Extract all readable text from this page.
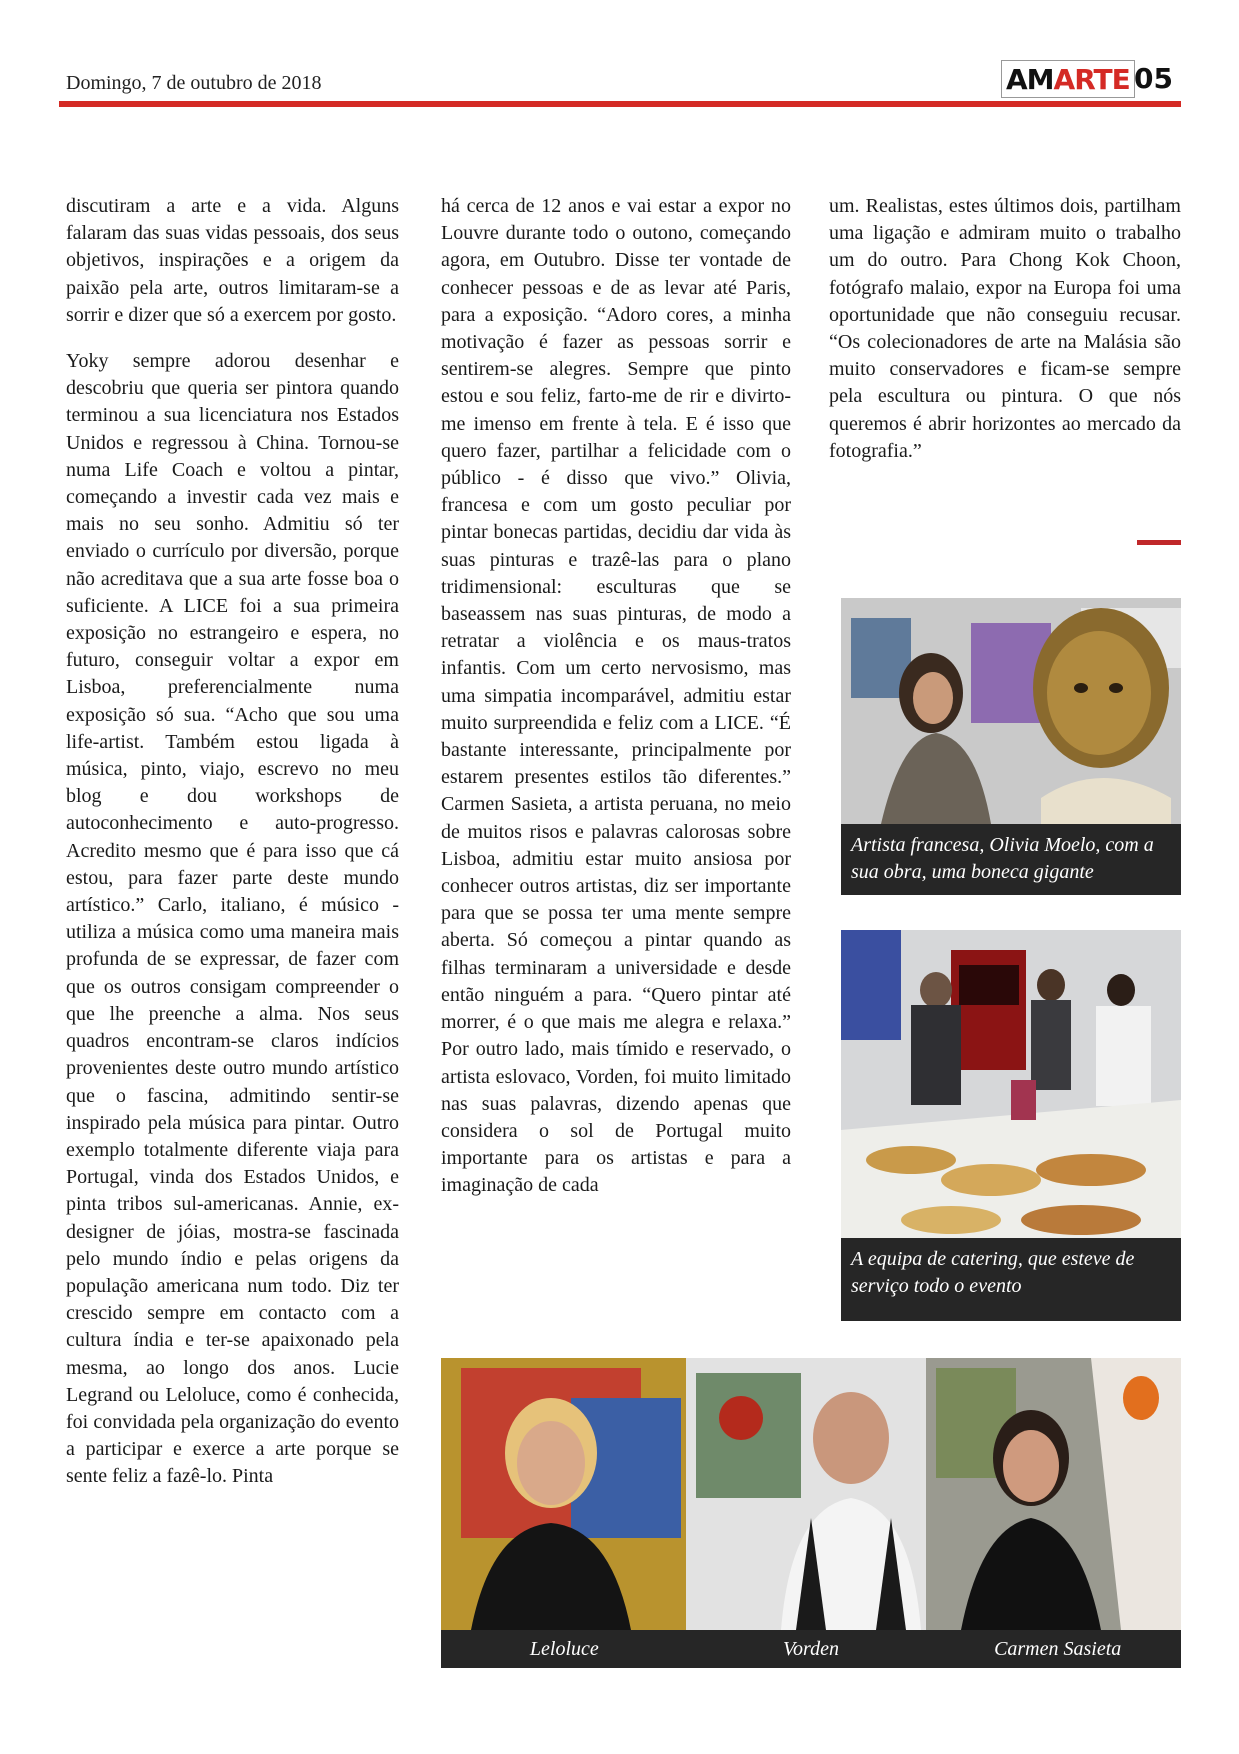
Domingo, 7 de outubro de 2018	AM ARTE 05

discutiram a arte e a vida. Alguns falaram das suas vidas pessoais, dos seus objetivos, inspirações e a origem da paixão pela arte, outros limitaram-se a sorrir e dizer que só a exercem por gosto.

Yoky sempre adorou desenhar e descobriu que queria ser pintora quando terminou a sua licenciatura nos Estados Unidos e regressou à China. Tornou-se numa Life Coach e voltou a pintar, começando a investir cada vez mais e mais no seu sonho. Admitiu só ter enviado o currículo por diversão, porque não acreditava que a sua arte fosse boa o suficiente. A LICE foi a sua primeira exposição no estrangeiro e espera, no futuro, conseguir voltar a expor em Lisboa, preferencialmente numa exposição só sua. “Acho que sou uma life-artist. Também estou ligada à música, pinto, viajo, escrevo no meu blog e dou workshops de autoconhecimento e auto-progresso. Acredito mesmo que é para isso que cá estou, para fazer parte deste mundo artístico.” Carlo, italiano, é músico - utiliza a música como uma maneira mais profunda de se expressar, de fazer com que os outros consigam compreender o que lhe preenche a alma. Nos seus quadros encontram-se claros indícios provenientes deste outro mundo artístico que o fascina, admitindo sentir-se inspirado pela música para pintar. Outro exemplo totalmente diferente viaja para Portugal, vinda dos Estados Unidos, e pinta tribos sul-americanas. Annie, ex-designer de jóias, mostra-se fascinada pelo mundo índio e pelas origens da população americana num todo. Diz ter crescido sempre em contacto com a cultura índia e ter-se apaixonado pela mesma, ao longo dos anos. Lucie Legrand ou Leloluce, como é conhecida, foi convidada pela organização do evento a participar e exerce a arte porque se sente feliz a fazê-lo. Pinta

há cerca de 12 anos e vai estar a expor no Louvre durante todo o outono, começando agora, em Outubro. Disse ter vontade de conhecer pessoas e de as levar até Paris, para a exposição. “Adoro cores, a minha motivação é fazer as pessoas sorrir e sentirem-se alegres. Sempre que pinto estou e sou feliz, farto-me de rir e divirto-me imenso em frente à tela. E é isso que quero fazer, partilhar a felicidade com o público - é disso que vivo.” Olivia, francesa e com um gosto peculiar por pintar bonecas partidas, decidiu dar vida às suas pinturas e trazê-las para o plano tridimensional: esculturas que se baseassem nas suas pinturas, de modo a retratar a violência e os maus-tratos infantis. Com um certo nervosismo, mas uma simpatia incomparável, admitiu estar muito surpreendida e feliz com a LICE. “É bastante interessante, principalmente por estarem presentes estilos tão diferentes.” Carmen Sasieta, a artista peruana, no meio de muitos risos e palavras calorosas sobre Lisboa, admitiu estar muito ansiosa por conhecer outros artistas, diz ser importante para que se possa ter uma mente sempre aberta. Só começou a pintar quando as filhas terminaram a universidade e desde então ninguém a para. “Quero pintar até morrer, é o que mais me alegra e relaxa.” Por outro lado, mais tímido e reservado, o artista eslovaco, Vorden, foi muito limitado nas suas palavras, dizendo apenas que considera o sol de Portugal muito importante para os artistas e para a imaginação de cada

um. Realistas, estes últimos dois, partilham uma ligação e admiram muito o trabalho um do outro. Para Chong Kok Choon, fotógrafo malaio, expor na Europa foi uma oportunidade que não conseguiu recusar. “Os colecionadores de arte na Malásia são muito conservadores e ficam-se sempre pela escultura ou pintura. O que nós queremos é abrir horizontes ao mercado da fotografia.”

Artista francesa, Olivia Moelo, com a sua obra, uma boneca gigante
A equipa de catering, que esteve de serviço todo o evento
Leloluce	Vorden	Carmen Sasieta
